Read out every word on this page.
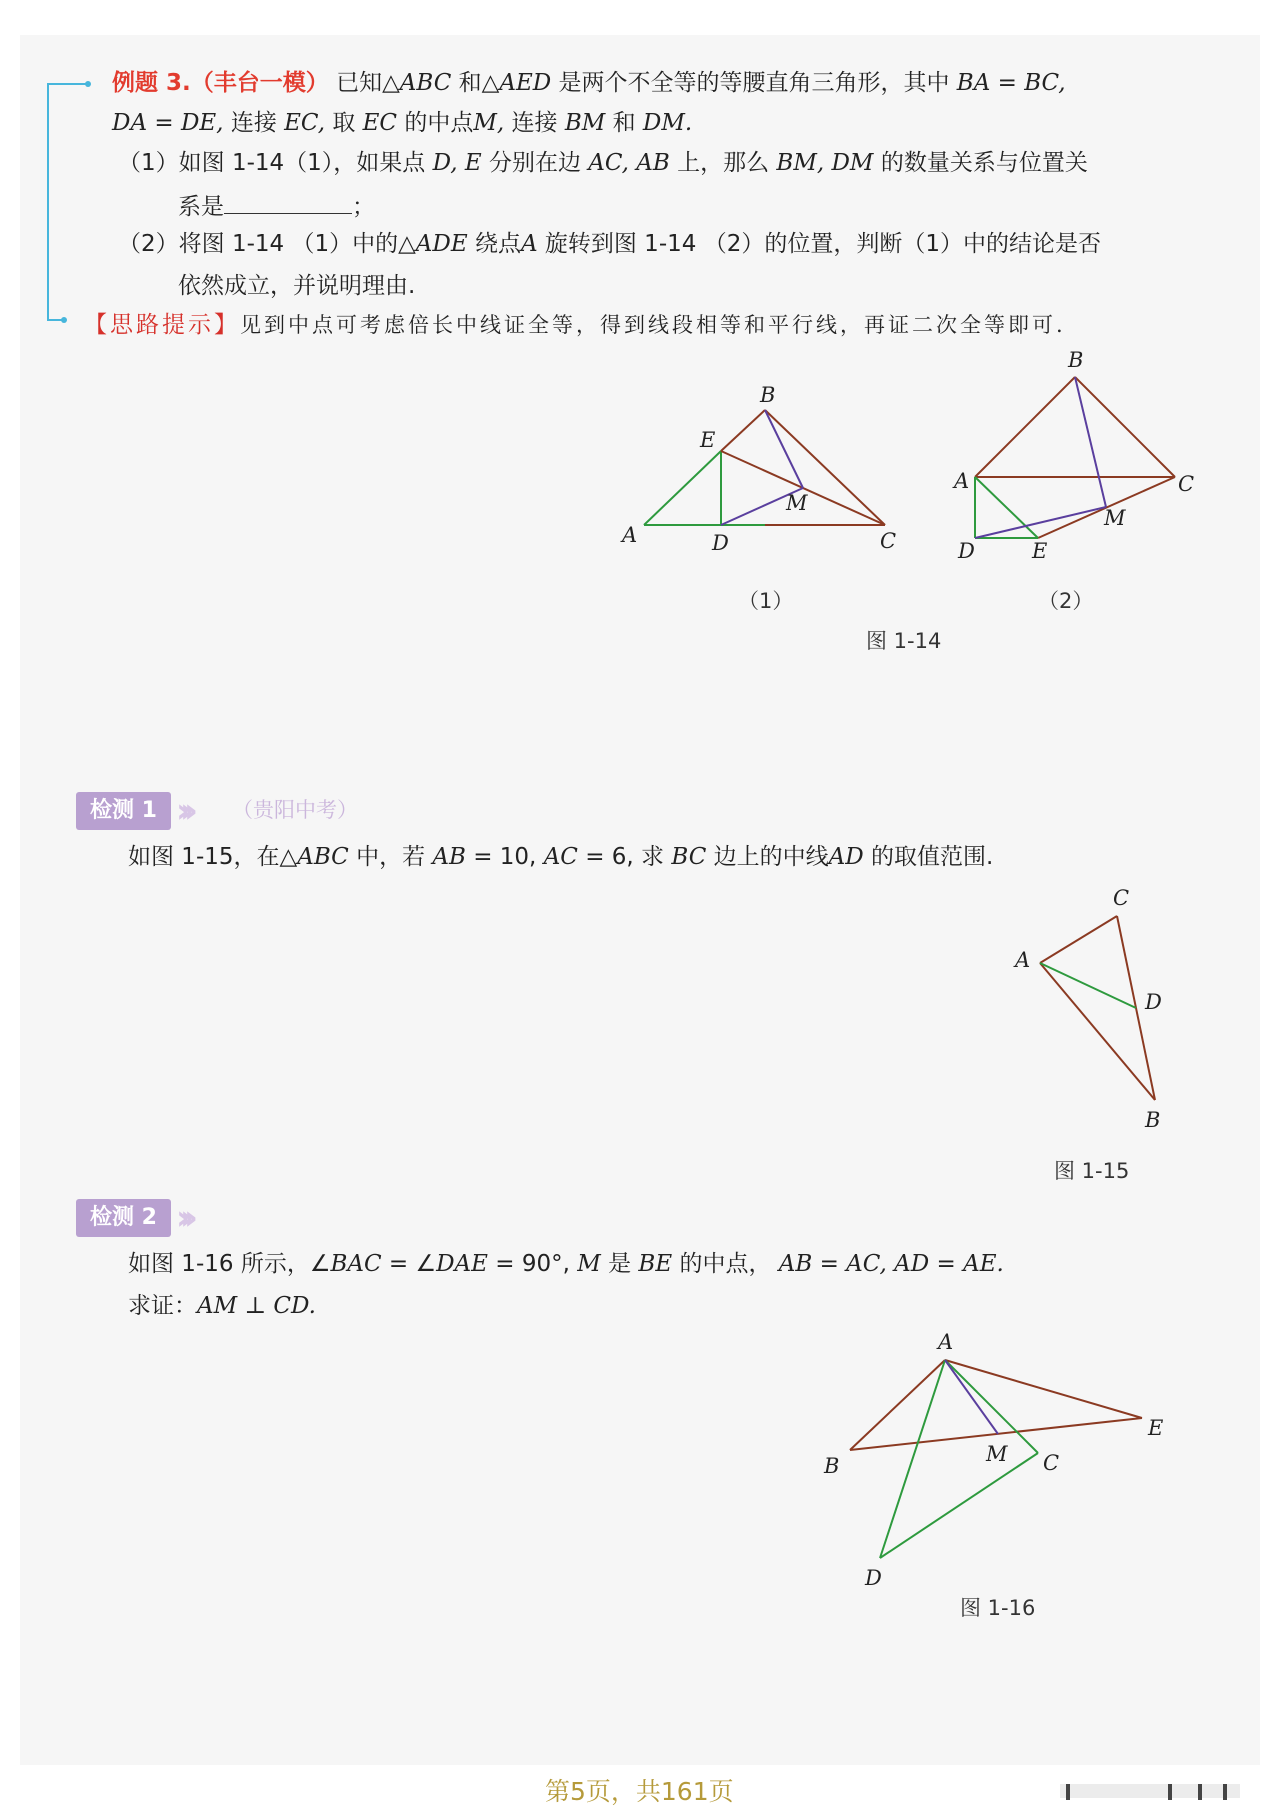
例题 3.（丰台一模） 已知△ABC 和△AED 是两个不全等的等腰直角三角形，其中 BA = BC,
DA = DE, 连接 EC, 取 EC 的中点M, 连接 BM 和 DM.
（1）如图 1-14（1），如果点 D, E 分别在边 AC, AB 上，那么 BM, DM 的数量关系与位置关
系是	；
（2）将图 1-14 （1）中的△ADE 绕点A 旋转到图 1-14 （2）的位置，判断（1）中的结论是否
依然成立，并说明理由.
【思路提示】见到中点可考虑倍长中线证全等，得到线段相等和平行线，再证二次全等即可.
A
B
C
D
E
M
B
A	C
M
D	E
（1）	（2）
图 1-14
检测 1 ››› （贵阳中考）
如图 1-15，在△ABC 中，若 AB = 10, AC = 6, 求 BC 边上的中线AD 的取值范围.
C
A
D
B
图 1-15
检测 2 ›››
如图 1-16 所示，∠BAC = ∠DAE = 90°, M 是 BE 的中点， AB = AC, AD = AE.
求证：AM ⊥ CD.
A
B
E
M C
D
图 1-16
第5页，共161页
